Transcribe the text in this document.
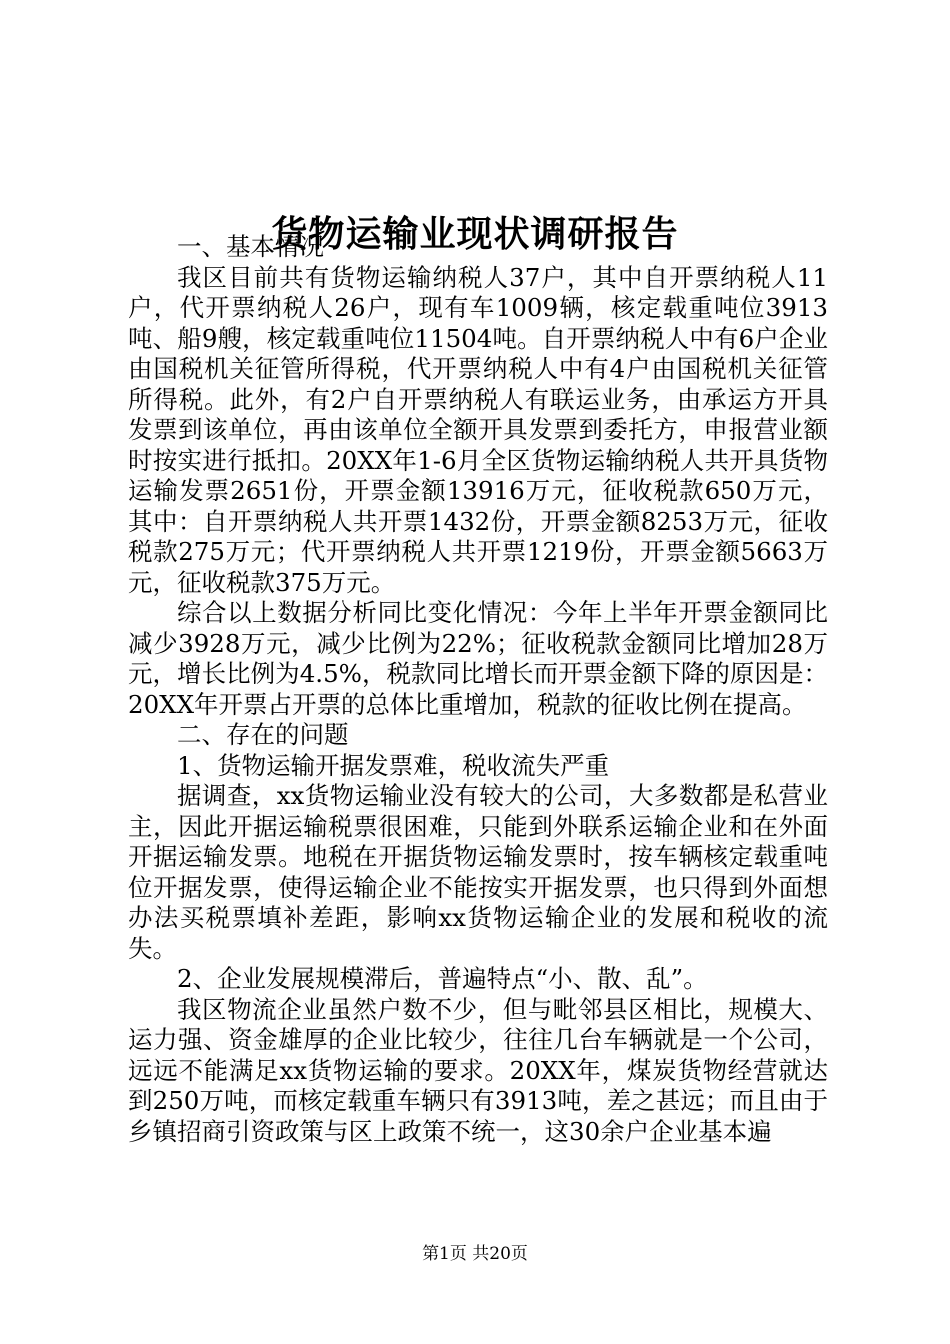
货物运输业现状调研报告

一、基本情况

我区目前共有货物运输纳税人37户，其中自开票纳税人11户，代开票纳税人26户，现有车1009辆，核定载重吨位3913吨、船9艘，核定载重吨位11504吨。自开票纳税人中有6户企业由国税机关征管所得税，代开票纳税人中有4户由国税机关征管所得税。此外，有2户自开票纳税人有联运业务，由承运方开具发票到该单位，再由该单位全额开具发票到委托方，申报营业额时按实进行抵扣。20XX年1-6月全区货物运输纳税人共开具货物运输发票2651份，开票金额13916万元，征收税款650万元，其中：自开票纳税人共开票1432份，开票金额8253万元，征收税款275万元；代开票纳税人共开票1219份，开票金额5663万元，征收税款375万元。

综合以上数据分析同比变化情况：今年上半年开票金额同比减少3928万元，减少比例为22%；征收税款金额同比增加28万元，增长比例为4.5%，税款同比增长而开票金额下降的原因是：20XX年开票占开票的总体比重增加，税款的征收比例在提高。

二、存在的问题

1、货物运输开据发票难，税收流失严重

据调查，xx货物运输业没有较大的公司，大多数都是私营业主，因此开据运输税票很困难，只能到外联系运输企业和在外面开据运输发票。地税在开据货物运输发票时，按车辆核定载重吨位开据发票，使得运输企业不能按实开据发票，也只得到外面想办法买税票填补差距，影响xx货物运输企业的发展和税收的流失。

2、企业发展规模滞后，普遍特点“小、散、乱”。

我区物流企业虽然户数不少，但与毗邻县区相比，规模大、运力强、资金雄厚的企业比较少，往往几台车辆就是一个公司，远远不能满足xx货物运输的要求。20XX年，煤炭货物经营就达到250万吨，而核定载重车辆只有3913吨，差之甚远；而且由于乡镇招商引资政策与区上政策不统一，这30余户企业基本遍

第1页 共20页
